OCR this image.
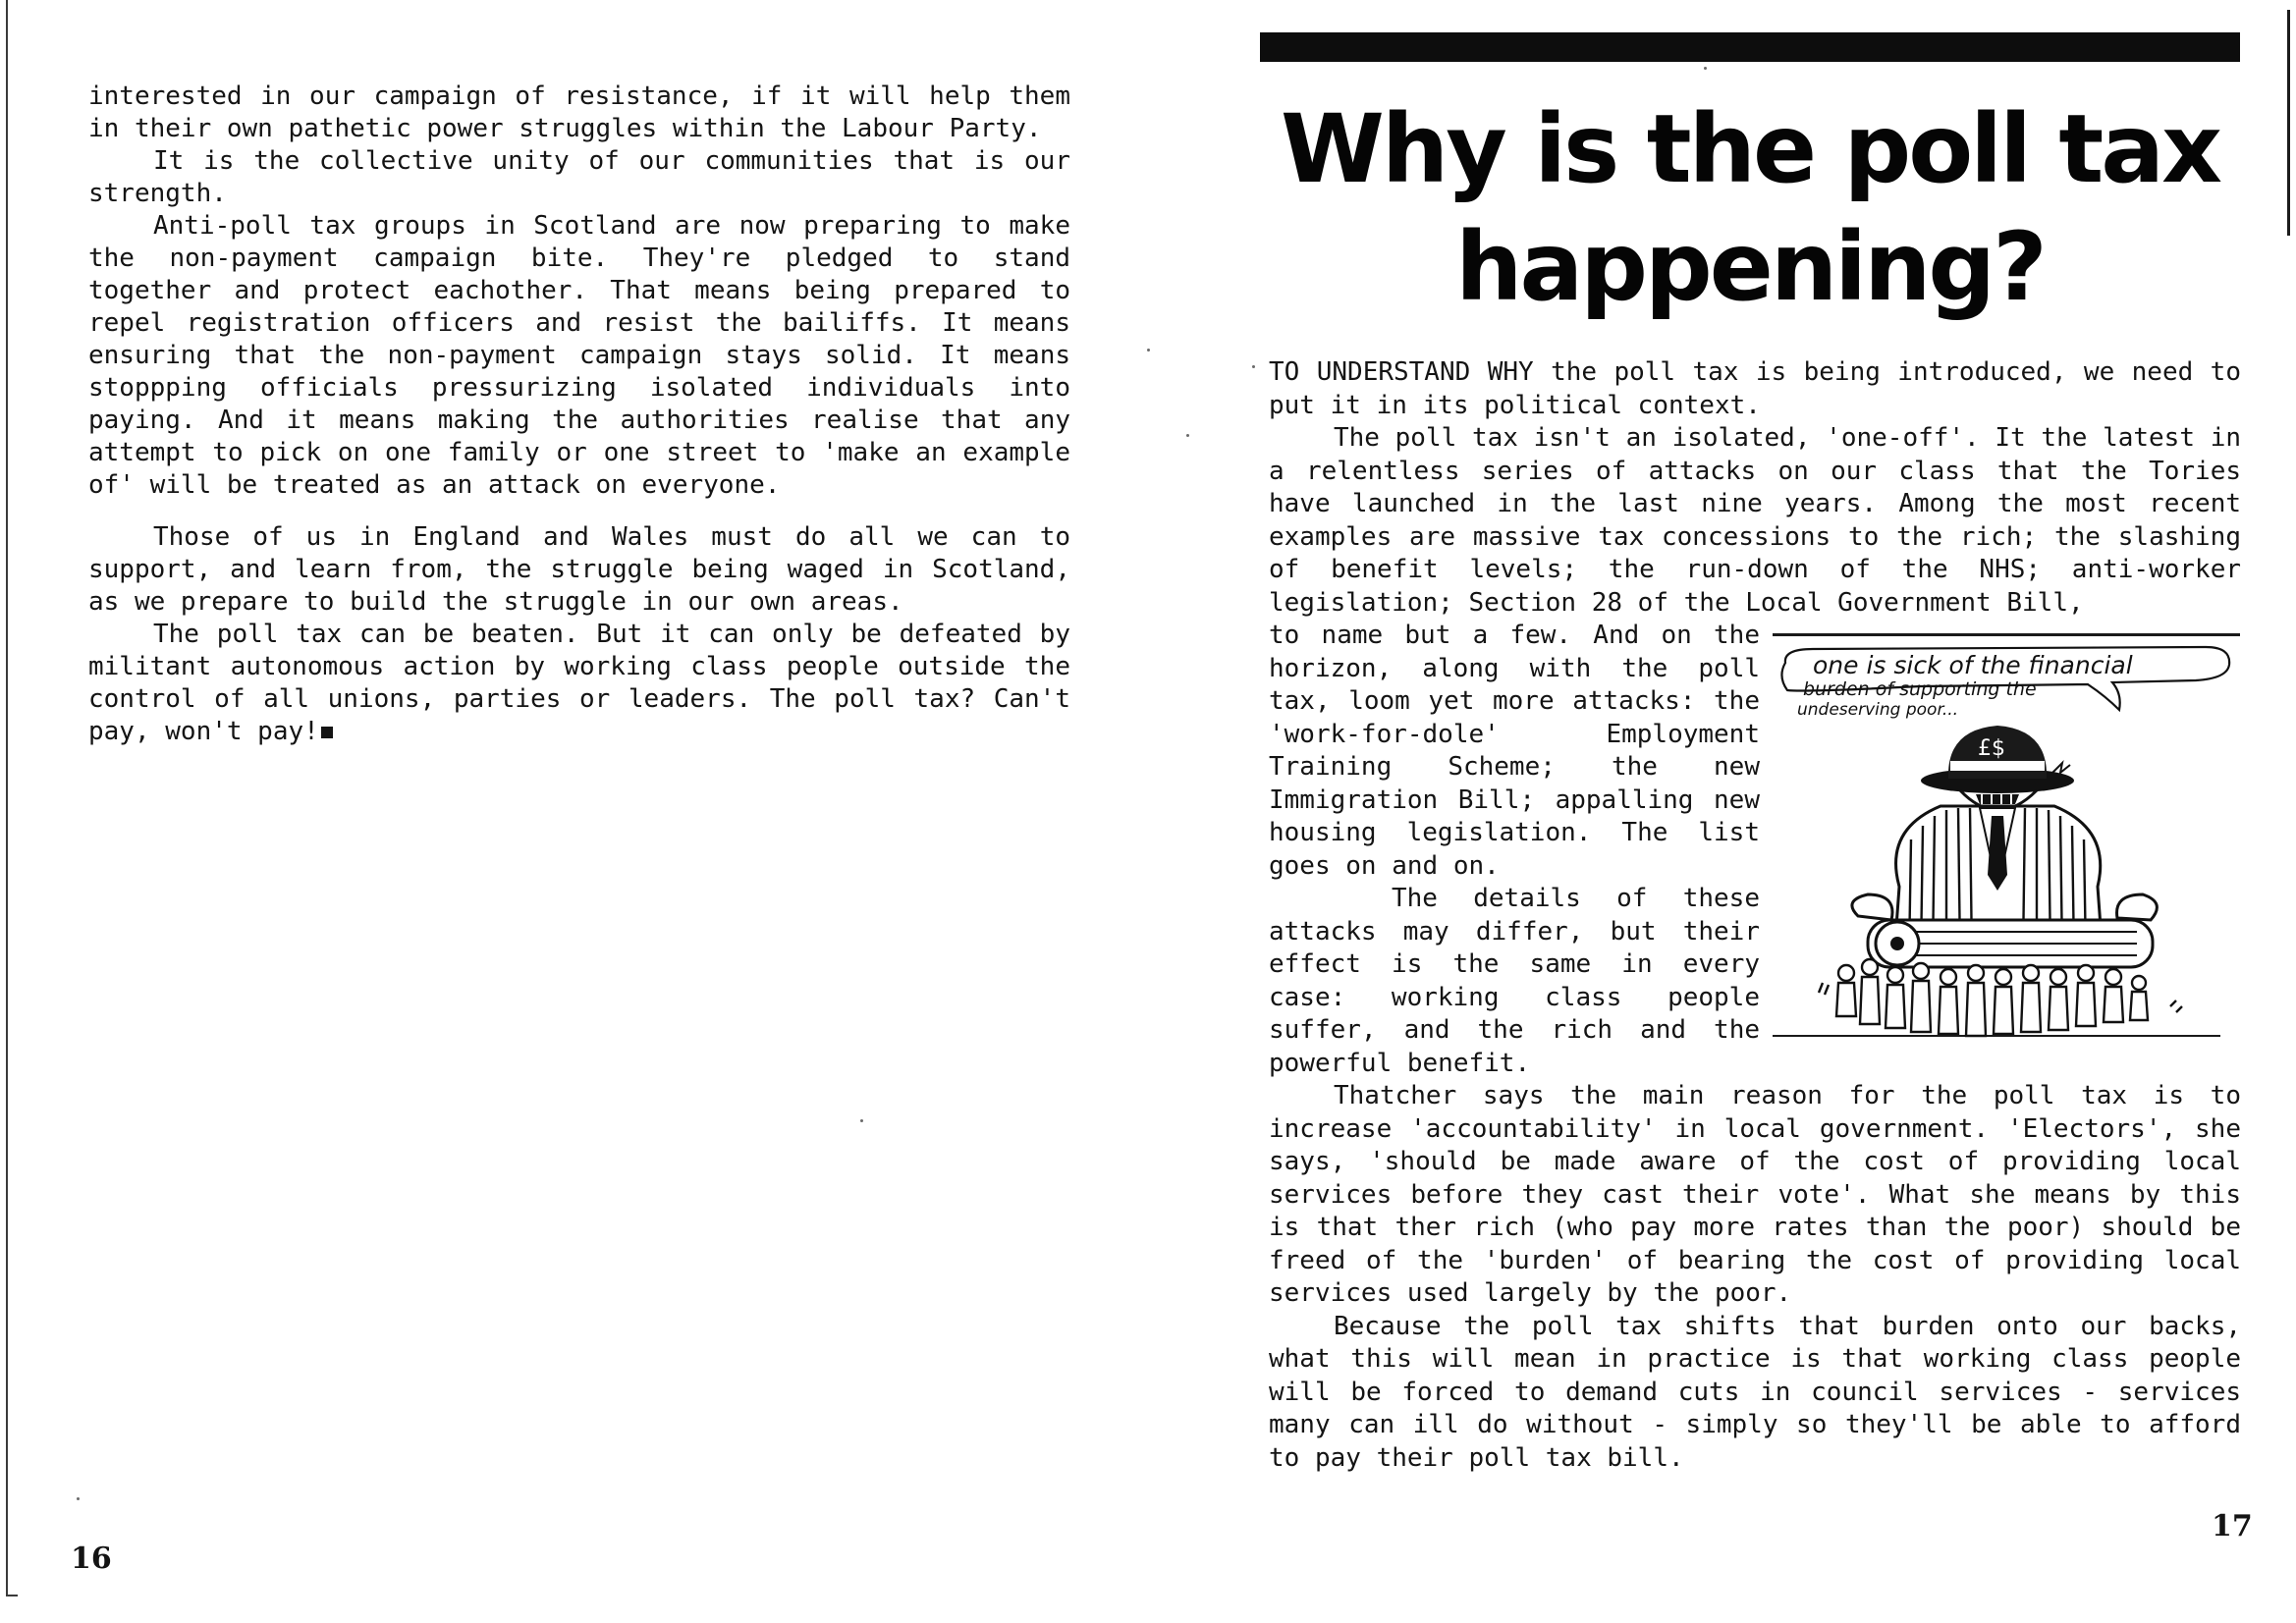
interested in our campaign of resistance, if it will help them in their own pathetic power struggles within the Labour Party.

It is the collective unity of our communities that is our strength.

Anti-poll tax groups in Scotland are now preparing to make the non-payment campaign bite. They're pledged to stand together and protect eachother. That means being prepared to repel registration officers and resist the bailiffs. It means ensuring that the non-payment campaign stays solid. It means stoppping officials pressurizing isolated individuals into paying. And it means making the authorities realise that any attempt to pick on one family or one street to 'make an example of' will be treated as an attack on everyone.

Those of us in England and Wales must do all we can to support, and learn from, the struggle being waged in Scotland, as we prepare to build the struggle in our own areas.

The poll tax can be beaten. But it can only be defeated by militant autonomous action by working class people outside the control of all unions, parties or leaders. The poll tax? Can't pay, won't pay!

16
Why is the poll tax
happening?

TO UNDERSTAND WHY the poll tax is being introduced, we need to put it in its political context.

The poll tax isn't an isolated, 'one-off'. It the latest in a relentless series of attacks on our class that the Tories have launched in the last nine years. Among the most recent examples are massive tax concessions to the rich; the slashing of benefit levels; the run-down of the NHS; anti-worker legislation; Section 28 of the Local Government Bill,

to name but a few. And on the horizon, along with the poll tax, loom yet more attacks: the 'work-for-dole' Employment Training Scheme; the new Immigration Bill; appalling new housing legislation. The list goes on and on.

The details of these attacks may differ, but their effect is the same in every case: working class people suffer, and the rich and the powerful benefit.

Thatcher says the main reason for the poll tax is to increase 'accountability' in local government. 'Electors', she says, 'should be made aware of the cost of providing local services before they cast their vote'. What she means by this is that ther rich (who pay more rates than the poor) should be freed of the 'burden' of bearing the cost of providing local services used largely by the poor.

Because the poll tax shifts that burden onto our backs, what this will mean in practice is that working class people will be forced to demand cuts in council services - services many can ill do without - simply so they'll be able to afford to pay their poll tax bill.

one is sick of the financial
burden of supporting the
undeserving poor...
£$
17
